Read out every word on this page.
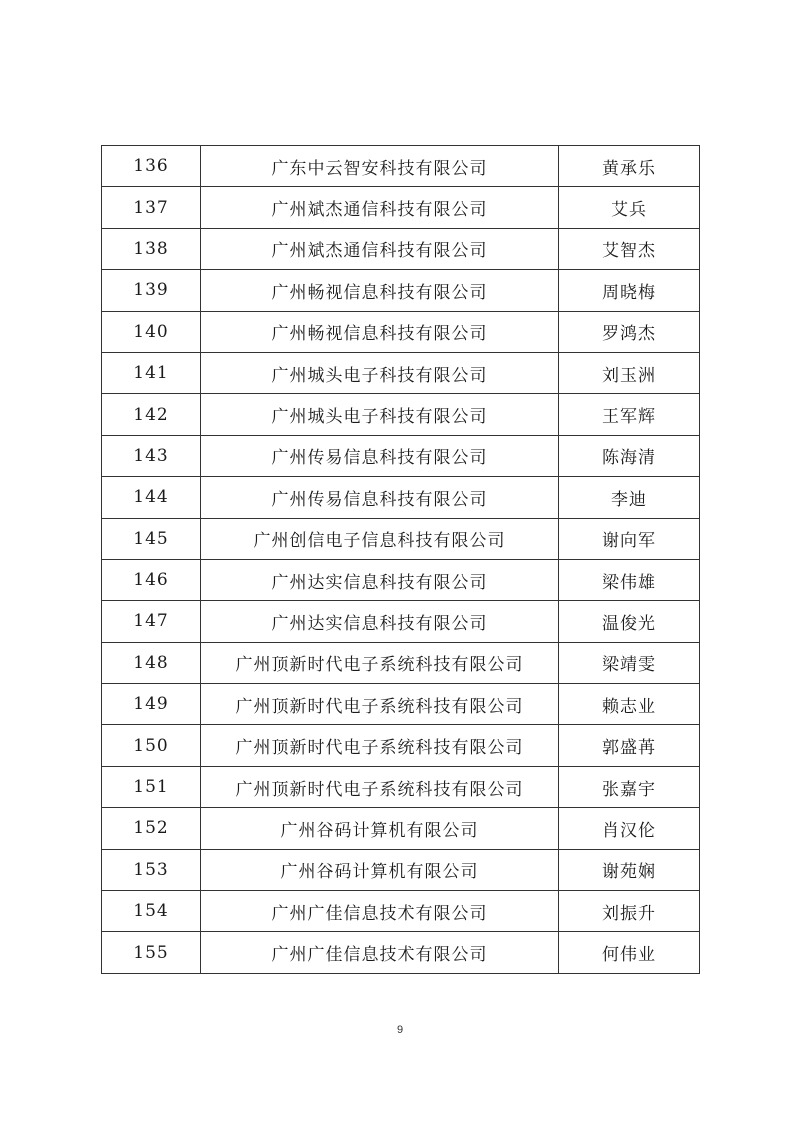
136	广东中云智安科技有限公司	黄承乐
137	广州斌杰通信科技有限公司	艾兵
138	广州斌杰通信科技有限公司	艾智杰
139	广州畅视信息科技有限公司	周晓梅
140	广州畅视信息科技有限公司	罗鸿杰
141	广州城头电子科技有限公司	刘玉洲
142	广州城头电子科技有限公司	王军辉
143	广州传易信息科技有限公司	陈海清
144	广州传易信息科技有限公司	李迪
145	广州创信电子信息科技有限公司	谢向军
146	广州达实信息科技有限公司	梁伟雄
147	广州达实信息科技有限公司	温俊光
148	广州顶新时代电子系统科技有限公司	梁靖雯
149	广州顶新时代电子系统科技有限公司	赖志业
150	广州顶新时代电子系统科技有限公司	郭盛苒
151	广州顶新时代电子系统科技有限公司	张嘉宇
152	广州谷码计算机有限公司	肖汉伦
153	广州谷码计算机有限公司	谢苑娴
154	广州广佳信息技术有限公司	刘振升
155	广州广佳信息技术有限公司	何伟业
9
